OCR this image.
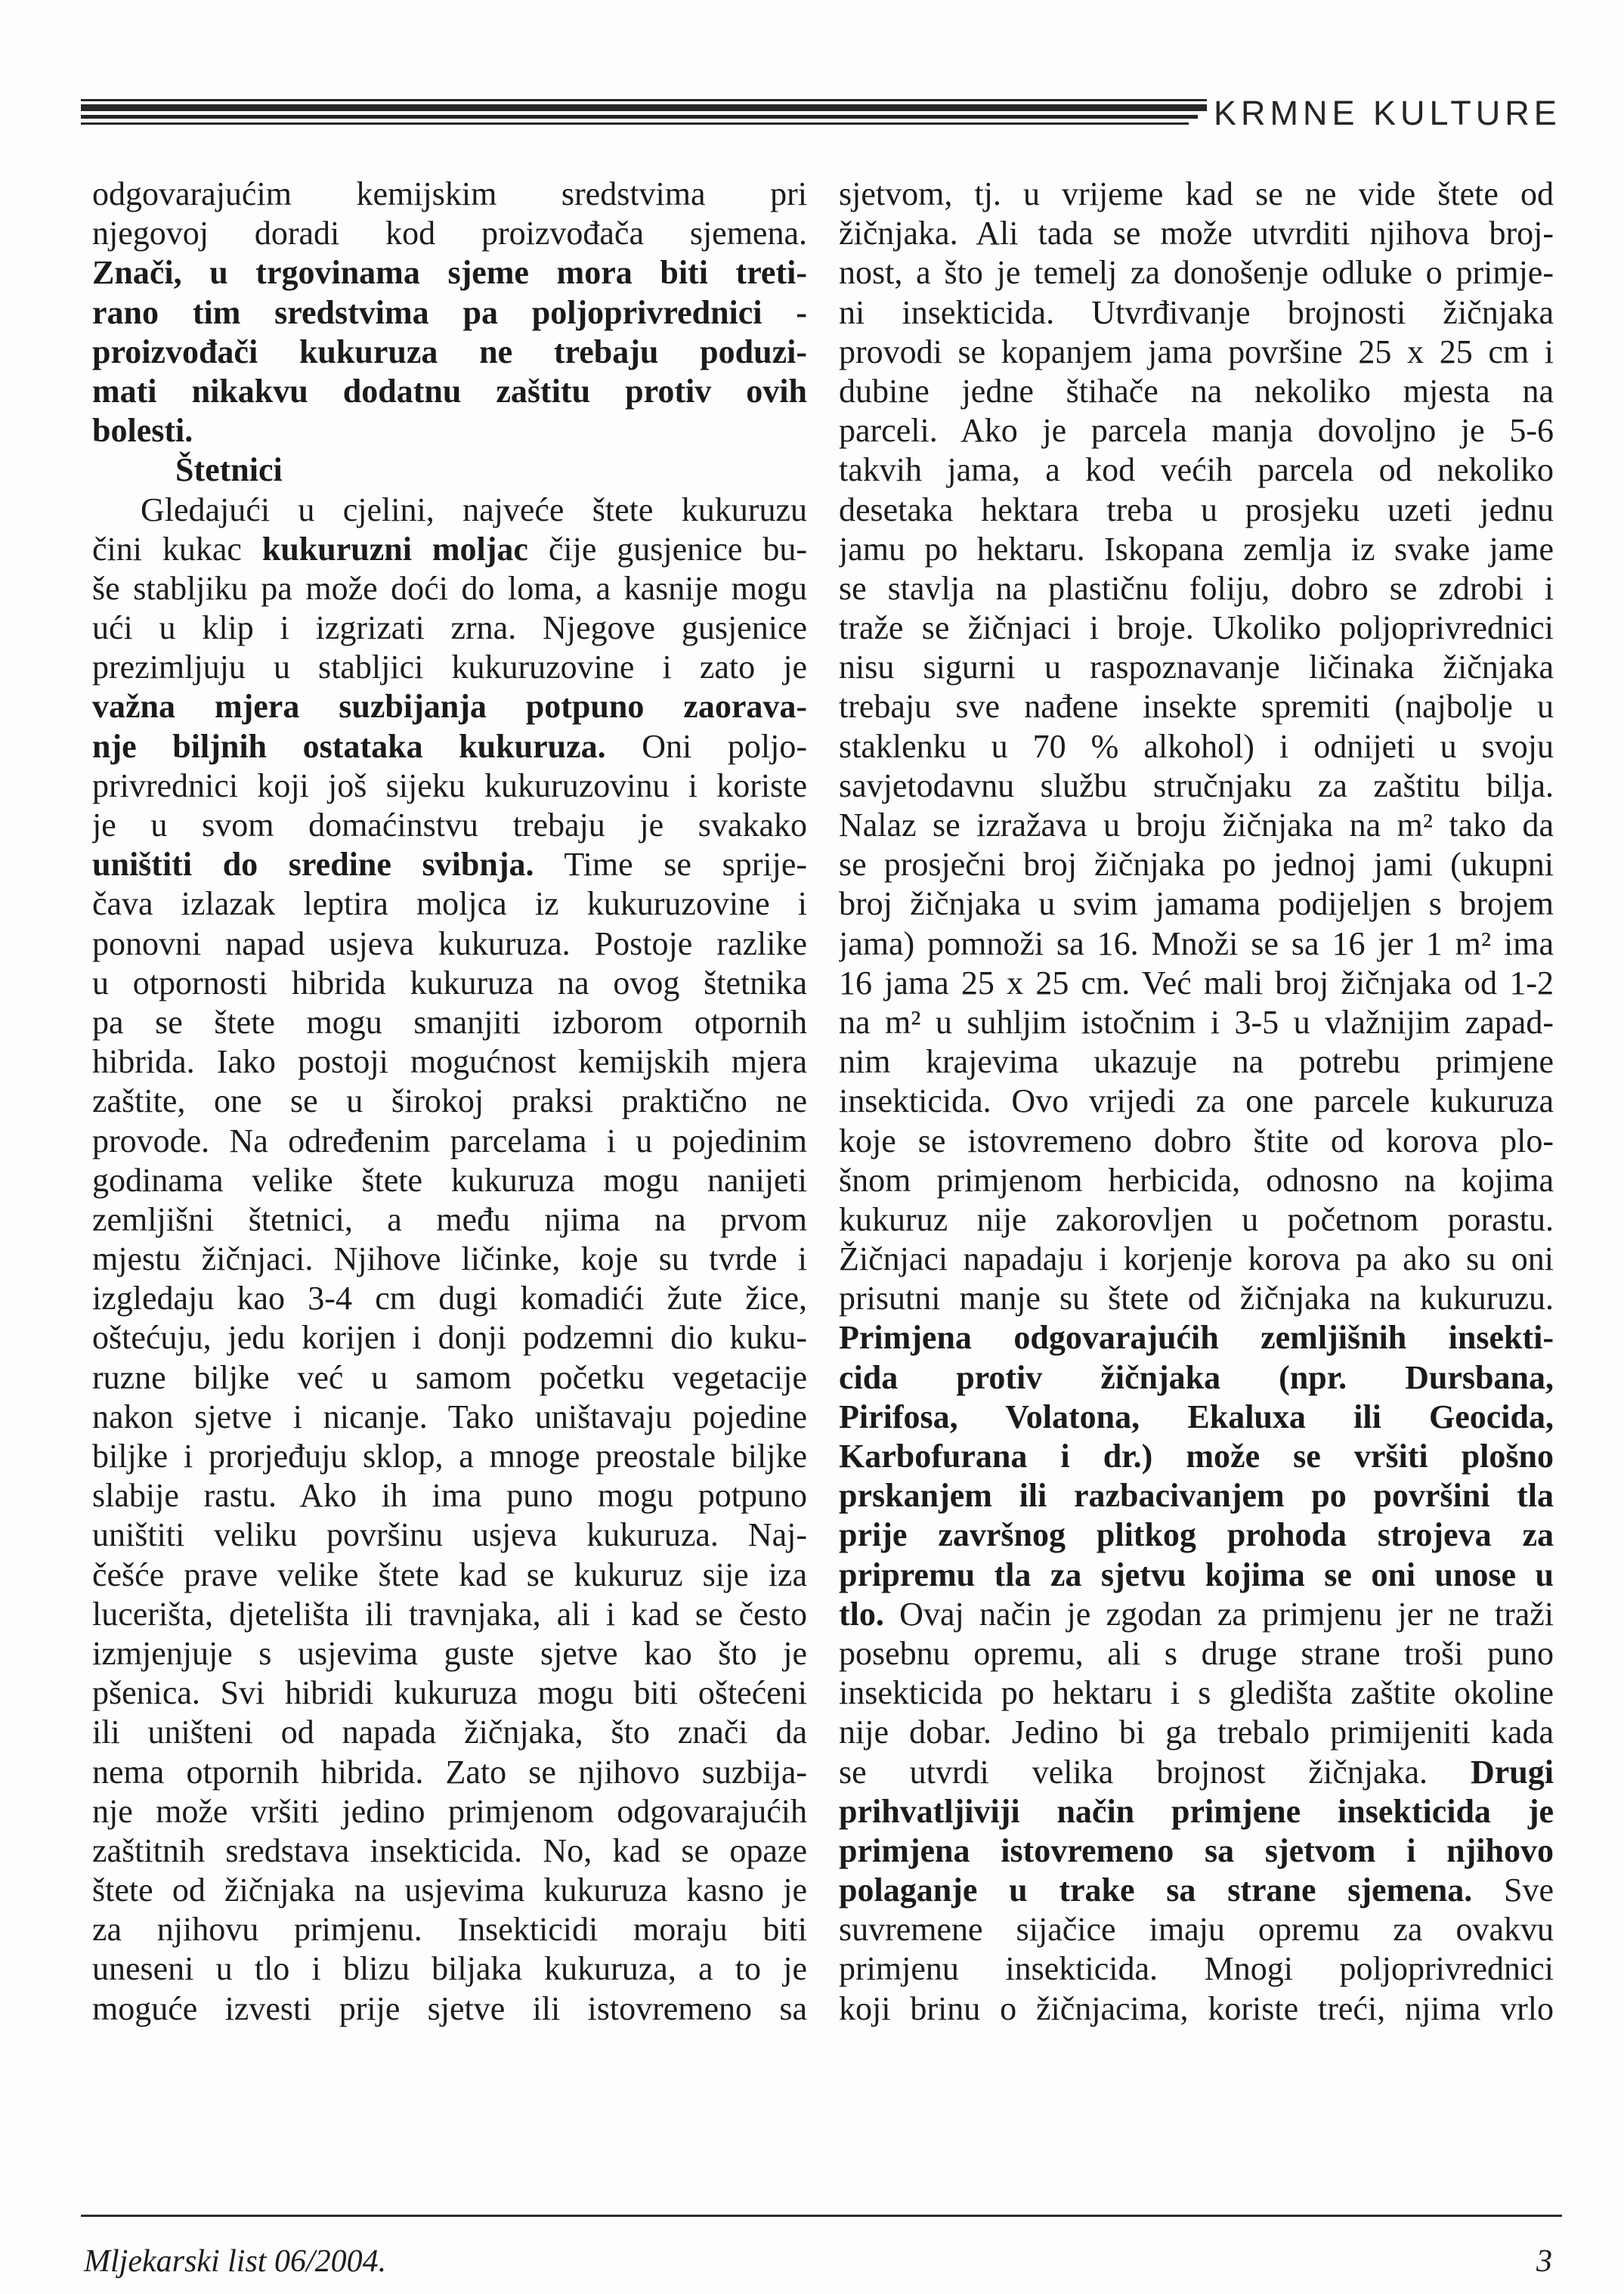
KRMNE KULTURE
odgovarajućim kemijskim sredstvima pri
njegovoj doradi kod proizvođača sjemena.
Znači, u trgovinama sjeme mora biti treti-
rano tim sredstvima pa poljoprivrednici -
proizvođači kukuruza ne trebaju poduzi-
mati nikakvu dodatnu zaštitu protiv ovih
bolesti.
Štetnici
Gledajući u cjelini, najveće štete kukuruzu
čini kukac kukuruzni moljac čije gusjenice bu-
še stabljiku pa može doći do loma, a kasnije mogu
ući u klip i izgrizati zrna. Njegove gusjenice
prezimljuju u stabljici kukuruzovine i zato je
važna mjera suzbijanja potpuno zaorava-
nje biljnih ostataka kukuruza. Oni poljo-
privrednici koji još sijeku kukuruzovinu i koriste
je u svom domaćinstvu trebaju je svakako
uništiti do sredine svibnja. Time se sprije-
čava izlazak leptira moljca iz kukuruzovine i
ponovni napad usjeva kukuruza. Postoje razlike
u otpornosti hibrida kukuruza na ovog štetnika
pa se štete mogu smanjiti izborom otpornih
hibrida. Iako postoji mogućnost kemijskih mjera
zaštite, one se u širokoj praksi praktično ne
provode. Na određenim parcelama i u pojedinim
godinama velike štete kukuruza mogu nanijeti
zemljišni štetnici, a među njima na prvom
mjestu žičnjaci. Njihove ličinke, koje su tvrde i
izgledaju kao 3-4 cm dugi komadići žute žice,
oštećuju, jedu korijen i donji podzemni dio kuku-
ruzne biljke već u samom početku vegetacije
nakon sjetve i nicanje. Tako uništavaju pojedine
biljke i prorjeđuju sklop, a mnoge preostale biljke
slabije rastu. Ako ih ima puno mogu potpuno
uništiti veliku površinu usjeva kukuruza. Naj-
češće prave velike štete kad se kukuruz sije iza
lucerišta, djetelišta ili travnjaka, ali i kad se često
izmjenjuje s usjevima guste sjetve kao što je
pšenica. Svi hibridi kukuruza mogu biti oštećeni
ili uništeni od napada žičnjaka, što znači da
nema otpornih hibrida. Zato se njihovo suzbija-
nje može vršiti jedino primjenom odgovarajućih
zaštitnih sredstava insekticida. No, kad se opaze
štete od žičnjaka na usjevima kukuruza kasno je
za njihovu primjenu. Insekticidi moraju biti
uneseni u tlo i blizu biljaka kukuruza, a to je
moguće izvesti prije sjetve ili istovremeno sa
sjetvom, tj. u vrijeme kad se ne vide štete od
žičnjaka. Ali tada se može utvrditi njihova broj-
nost, a što je temelj za donošenje odluke o primje-
ni insekticida. Utvrđivanje brojnosti žičnjaka
provodi se kopanjem jama površine 25 x 25 cm i
dubine jedne štihače na nekoliko mjesta na
parceli. Ako je parcela manja dovoljno je 5-6
takvih jama, a kod većih parcela od nekoliko
desetaka hektara treba u prosjeku uzeti jednu
jamu po hektaru. Iskopana zemlja iz svake jame
se stavlja na plastičnu foliju, dobro se zdrobi i
traže se žičnjaci i broje. Ukoliko poljoprivrednici
nisu sigurni u raspoznavanje ličinaka žičnjaka
trebaju sve nađene insekte spremiti (najbolje u
staklenku u 70 % alkohol) i odnijeti u svoju
savjetodavnu službu stručnjaku za zaštitu bilja.
Nalaz se izražava u broju žičnjaka na m² tako da
se prosječni broj žičnjaka po jednoj jami (ukupni
broj žičnjaka u svim jamama podijeljen s brojem
jama) pomnoži sa 16. Množi se sa 16 jer 1 m² ima
16 jama 25 x 25 cm. Već mali broj žičnjaka od 1-2
na m² u suhljim istočnim i 3-5 u vlažnijim zapad-
nim krajevima ukazuje na potrebu primjene
insekticida. Ovo vrijedi za one parcele kukuruza
koje se istovremeno dobro štite od korova plo-
šnom primjenom herbicida, odnosno na kojima
kukuruz nije zakorovljen u početnom porastu.
Žičnjaci napadaju i korjenje korova pa ako su oni
prisutni manje su štete od žičnjaka na kukuruzu.
Primjena odgovarajućih zemljišnih insekti-
cida protiv žičnjaka (npr. Dursbana,
Pirifosa, Volatona, Ekaluxa ili Geocida,
Karbofurana i dr.) može se vršiti plošno
prskanjem ili razbacivanjem po površini tla
prije završnog plitkog prohoda strojeva za
pripremu tla za sjetvu kojima se oni unose u
tlo. Ovaj način je zgodan za primjenu jer ne traži
posebnu opremu, ali s druge strane troši puno
insekticida po hektaru i s gledišta zaštite okoline
nije dobar. Jedino bi ga trebalo primijeniti kada
se utvrdi velika brojnost žičnjaka. Drugi
prihvatljiviji način primjene insekticida je
primjena istovremeno sa sjetvom i njihovo
polaganje u trake sa strane sjemena. Sve
suvremene sijačice imaju opremu za ovakvu
primjenu insekticida. Mnogi poljoprivrednici
koji brinu o žičnjacima, koriste treći, njima vrlo
Mljekarski list 06/2004.	3
